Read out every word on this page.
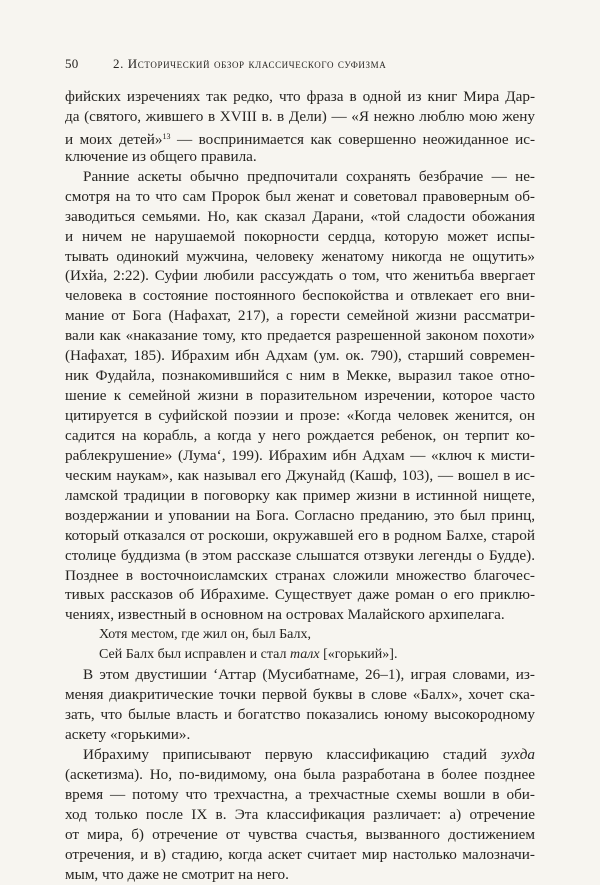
50	2. Исторический обзор классического суфизма
фийских изречениях так редко, что фраза в одной из книг Мира Дар-
да (святого, жившего в XVIII в. в Дели) — «Я нежно люблю мою жену
и моих детей»$^{13}$ — воспринимается как совершенно неожиданное ис-
ключение из общего правила.
Ранние аскеты обычно предпочитали сохранять безбрачие — не-
смотря на то что сам Пророк был женат и советовал правоверным об-
заводиться семьями. Но, как сказал Дарани, «той сладости обожания
и ничем не нарушаемой покорности сердца, которую может испы-
тывать одинокий мужчина, человеку женатому никогда не ощутить»
(Ихйа, 2:22). Суфии любили рассуждать о том, что женитьба ввергает
человека в состояние постоянного беспокойства и отвлекает его вни-
мание от Бога (Нафахат, 217), а горести семейной жизни рассматри-
вали как «наказание тому, кто предается разрешенной законом похоти»
(Нафахат, 185). Ибрахим ибн Адхам (ум. ок. 790), старший современ-
ник Фудайла, познакомившийся с ним в Мекке, выразил такое отно-
шение к семейной жизни в поразительном изречении, которое часто
цитируется в суфийской поэзии и прозе: «Когда человек женится, он
садится на корабль, а когда у него рождается ребенок, он терпит ко-
раблекрушение» (Лума‘, 199). Ибрахим ибн Адхам — «ключ к мисти-
ческим наукам», как называл его Джунайд (Кашф, 103), — вошел в ис-
ламской традиции в поговорку как пример жизни в истинной нищете,
воздержании и уповании на Бога. Согласно преданию, это был принц,
который отказался от роскоши, окружавшей его в родном Балхе, старой
столице буддизма (в этом рассказе слышатся отзвуки легенды о Будде).
Позднее в восточноисламских странах сложили множество благочес-
тивых рассказов об Ибрахиме. Существует даже роман о его приклю-
чениях, известный в основном на островах Малайского архипелага.
Хотя местом, где жил он, был Балх,
Сей Балх был исправлен и стал талх [«горький»].
В этом двустишии ‘Аттар (Мусибатнаме, 26–1), играя словами, из-
меняя диакритические точки первой буквы в слове «Балх», хочет ска-
зать, что былые власть и богатство показались юному высокородному
аскету «горькими».
Ибрахиму приписывают первую классификацию стадий зухда
(аскетизма). Но, по-видимому, она была разработана в более позднее
время — потому что трехчастна, а трехчастные схемы вошли в оби-
ход только после IX в. Эта классификация различает: а) отречение
от мира, б) отречение от чувства счастья, вызванного достижением
отречения, и в) стадию, когда аскет считает мир настолько малозначи-
мым, что даже не смотрит на него.
